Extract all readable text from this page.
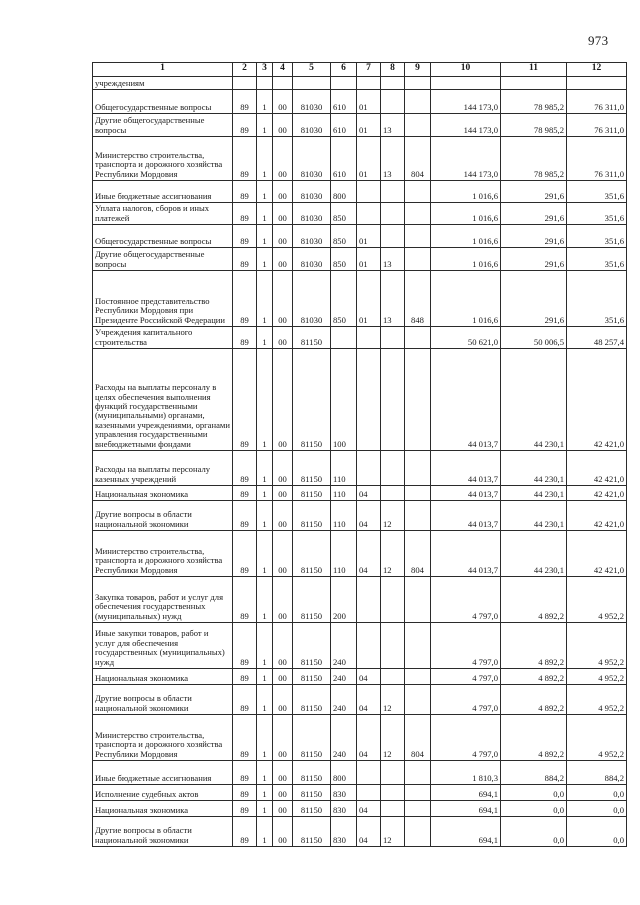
973
1	2	3	4	5	6	7	8	9	10	11	12
учреждениям											
Общегосударственные вопросы	89	1	00	81030	610	01			144 173,0	78 985,2	76 311,0
Другие общегосударственные вопросы	89	1	00	81030	610	01	13		144 173,0	78 985,2	76 311,0
Министерство строительства, транспорта и дорожного хозяйства Республики Мордовия	89	1	00	81030	610	01	13	804	144 173,0	78 985,2	76 311,0
Иные бюджетные ассигнования	89	1	00	81030	800				1 016,6	291,6	351,6
Уплата налогов, сборов и иных платежей	89	1	00	81030	850				1 016,6	291,6	351,6
Общегосударственные вопросы	89	1	00	81030	850	01			1 016,6	291,6	351,6
Другие общегосударственные вопросы	89	1	00	81030	850	01	13		1 016,6	291,6	351,6
Постоянное представительство Республики Мордовия при Президенте Российской Федерации	89	1	00	81030	850	01	13	848	1 016,6	291,6	351,6
Учреждения капитального строительства	89	1	00	81150					50 621,0	50 006,5	48 257,4
Расходы на выплаты персоналу в целях обеспечения выполнения функций государственными (муниципальными) органами, казенными учреждениями, органами управления государственными внебюджетными фондами	89	1	00	81150	100				44 013,7	44 230,1	42 421,0
Расходы на выплаты персоналу казенных учреждений	89	1	00	81150	110				44 013,7	44 230,1	42 421,0
Национальная экономика	89	1	00	81150	110	04			44 013,7	44 230,1	42 421,0
Другие вопросы в области национальной экономики	89	1	00	81150	110	04	12		44 013,7	44 230,1	42 421,0
Министерство строительства, транспорта и дорожного хозяйства Республики Мордовия	89	1	00	81150	110	04	12	804	44 013,7	44 230,1	42 421,0
Закупка товаров, работ и услуг для обеспечения государственных (муниципальных) нужд	89	1	00	81150	200				4 797,0	4 892,2	4 952,2
Иные закупки товаров, работ и услуг для обеспечения государственных (муниципальных) нужд	89	1	00	81150	240				4 797,0	4 892,2	4 952,2
Национальная экономика	89	1	00	81150	240	04			4 797,0	4 892,2	4 952,2
Другие вопросы в области национальной экономики	89	1	00	81150	240	04	12		4 797,0	4 892,2	4 952,2
Министерство строительства, транспорта и дорожного хозяйства Республики Мордовия	89	1	00	81150	240	04	12	804	4 797,0	4 892,2	4 952,2
Иные бюджетные ассигнования	89	1	00	81150	800				1 810,3	884,2	884,2
Исполнение судебных актов	89	1	00	81150	830				694,1	0,0	0,0
Национальная экономика	89	1	00	81150	830	04			694,1	0,0	0,0
Другие вопросы в области национальной экономики	89	1	00	81150	830	04	12		694,1	0,0	0,0
